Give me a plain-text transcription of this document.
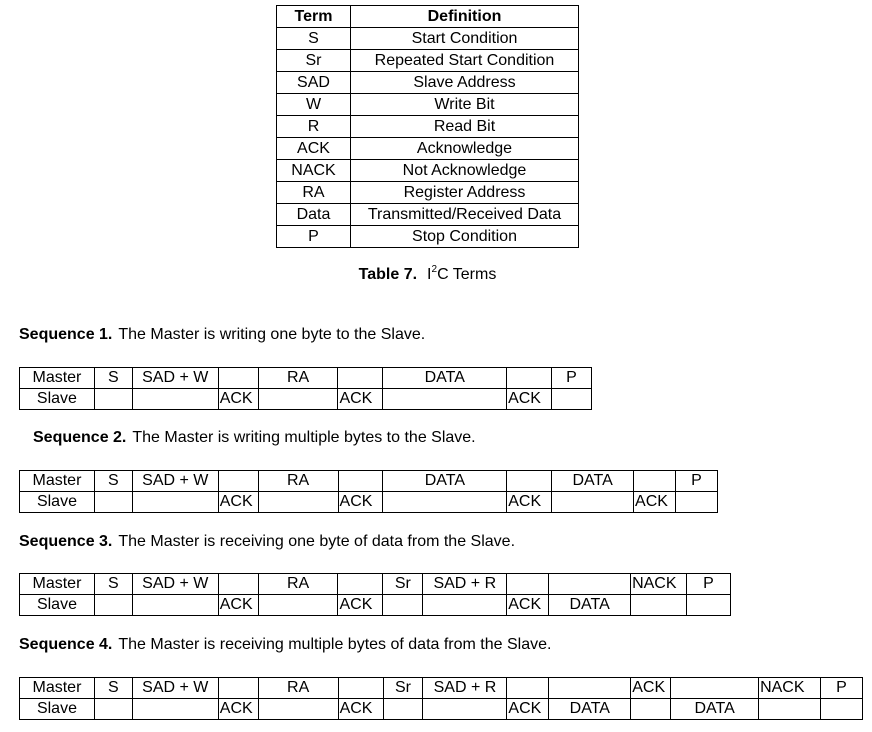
Term	Definition
S	Start Condition
Sr	Repeated Start Condition
SAD	Slave Address
W	Write Bit
R	Read Bit
ACK	Acknowledge
NACK	Not Acknowledge
RA	Register Address
Data	Transmitted/Received Data
P	Stop Condition
Table 7. $I^2C$ Terms
Sequence 1. The Master is writing one byte to the Slave.
Master	S	SAD + W		RA		DATA		P
Slave			ACK		ACK		ACK	
Sequence 2. The Master is writing multiple bytes to the Slave.
Master	S	SAD + W		RA		DATA		DATA		P
Slave			ACK		ACK		ACK		ACK	
Sequence 3. The Master is receiving one byte of data from the Slave.
Master	S	SAD + W		RA		Sr	SAD + R			NACK	P
Slave			ACK		ACK			ACK	DATA		
Sequence 4. The Master is receiving multiple bytes of data from the Slave.
Master	S	SAD + W		RA		Sr	SAD + R			ACK		NACK	P
Slave			ACK		ACK			ACK	DATA		DATA		
